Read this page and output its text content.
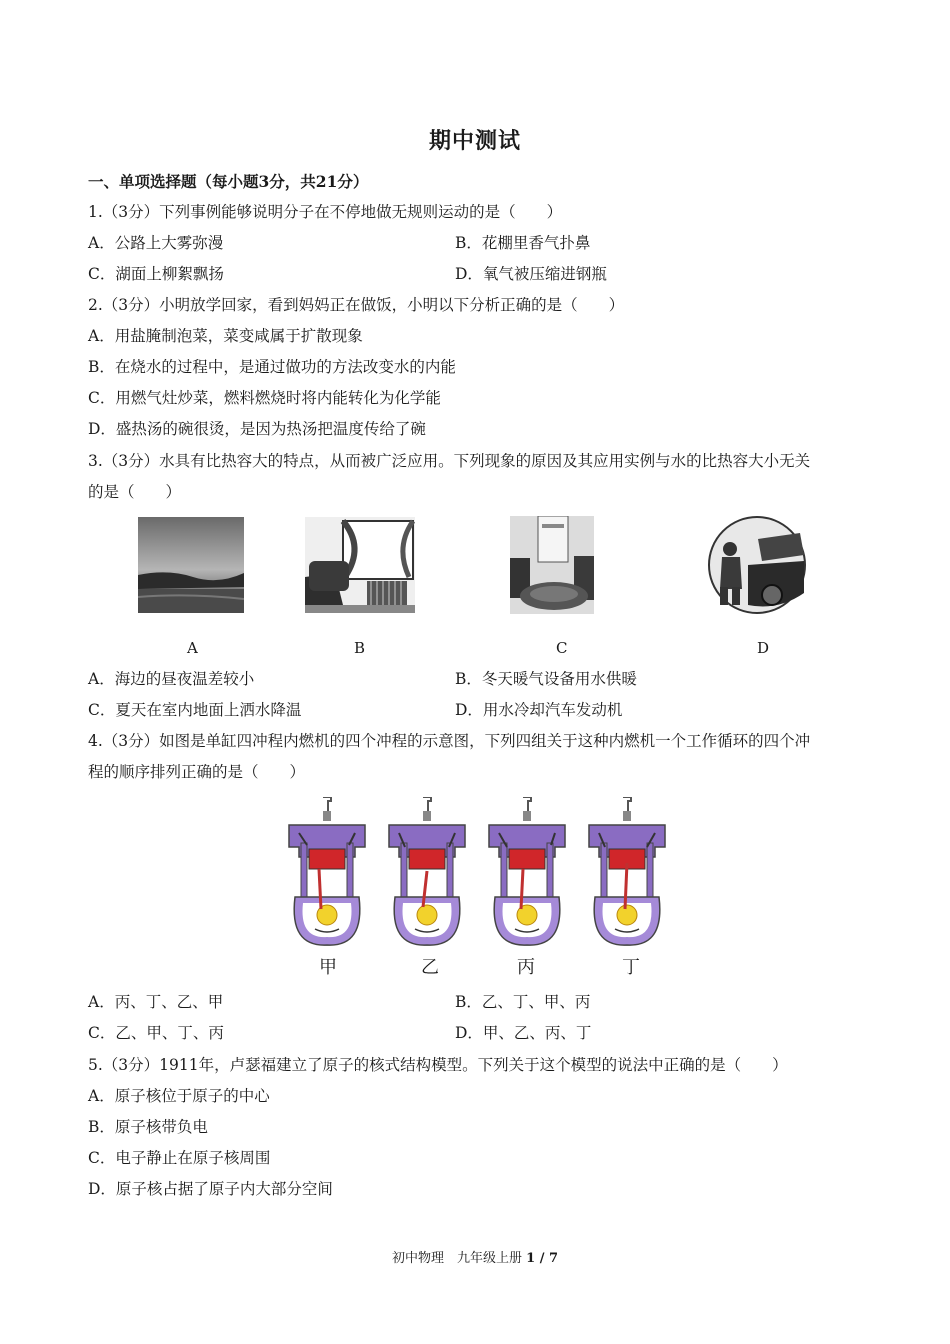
期中测试
一、单项选择题（每小题3分，共21分）
1.（3分）下列事例能够说明分子在不停地做无规则运动的是（　　）
A．公路上大雾弥漫	B．花棚里香气扑鼻
C．湖面上柳絮飘扬	D．氧气被压缩进钢瓶
2.（3分）小明放学回家，看到妈妈正在做饭，小明以下分析正确的是（　　）
A．用盐腌制泡菜，菜变咸属于扩散现象
B．在烧水的过程中，是通过做功的方法改变水的内能
C．用燃气灶炒菜，燃料燃烧时将内能转化为化学能
D．盛热汤的碗很烫，是因为热汤把温度传给了碗
3.（3分）水具有比热容大的特点，从而被广泛应用。下列现象的原因及其应用实例与水的比热容大小无关
的是（　　）
A	B	C	D
A．海边的昼夜温差较小	B．冬天暖气设备用水供暖
C．夏天在室内地面上洒水降温	D．用水冷却汽车发动机
4.（3分）如图是单缸四冲程内燃机的四个冲程的示意图，下列四组关于这种内燃机一个工作循环的四个冲
程的顺序排列正确的是（　　）
甲	乙	丙	丁
A．丙、丁、乙、甲	B．乙、丁、甲、丙
C．乙、甲、丁、丙	D．甲、乙、丙、丁
5.（3分）1911年，卢瑟福建立了原子的核式结构模型。下列关于这个模型的说法中正确的是（　　）
A．原子核位于原子的中心
B．原子核带负电
C．电子静止在原子核周围
D．原子核占据了原子内大部分空间
初中物理　九年级上册 1 / 7
